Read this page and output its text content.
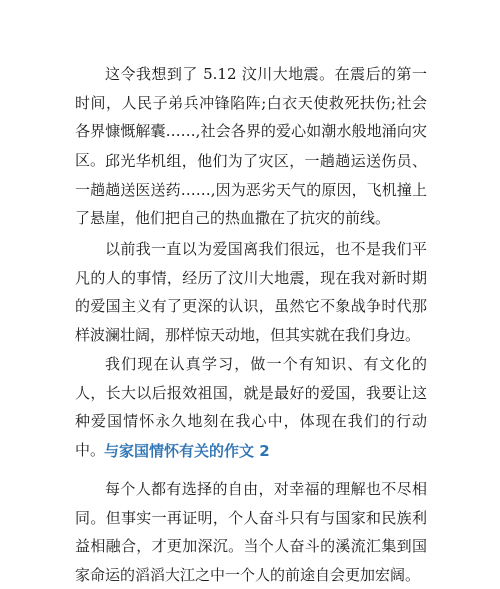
这令我想到了 5.12 汶川大地震。在震后的第一时间，人民子弟兵冲锋陷阵;白衣天使救死扶伤;社会各界慷慨解囊……,社会各界的爱心如潮水般地涌向灾区。 邱光华机组，他们为了灾区，一趟趟运送伤员、一趟趟送医送药……,因为恶劣天气的原因，飞机撞上了悬崖，他们把自己的热血撒在了抗灾的前线。

以前我一直以为爱国离我们很远，也不是我们平凡的人的事情，经历了汶川大地震，现在我对新时期的爱国主义有了更深的认识，虽然它不象战争时代那样波澜壮阔，那样惊天动地，但其实就在我们身边。

我们现在认真学习，做一个有知识、有文化的人，长大以后报效祖国，就是最好的爱国，我要让这种爱国情怀永久地刻在我心中，体现在我们的行动中。

与家国情怀有关的作文 2

每个人都有选择的自由，对幸福的理解也不尽相同。但事实一再证明，个人奋斗只有与国家和民族利益相融合，才更加深沉。当个人奋斗的溪流汇集到国家命运的滔滔大江之中一个人的前途自会更加宏阔。
